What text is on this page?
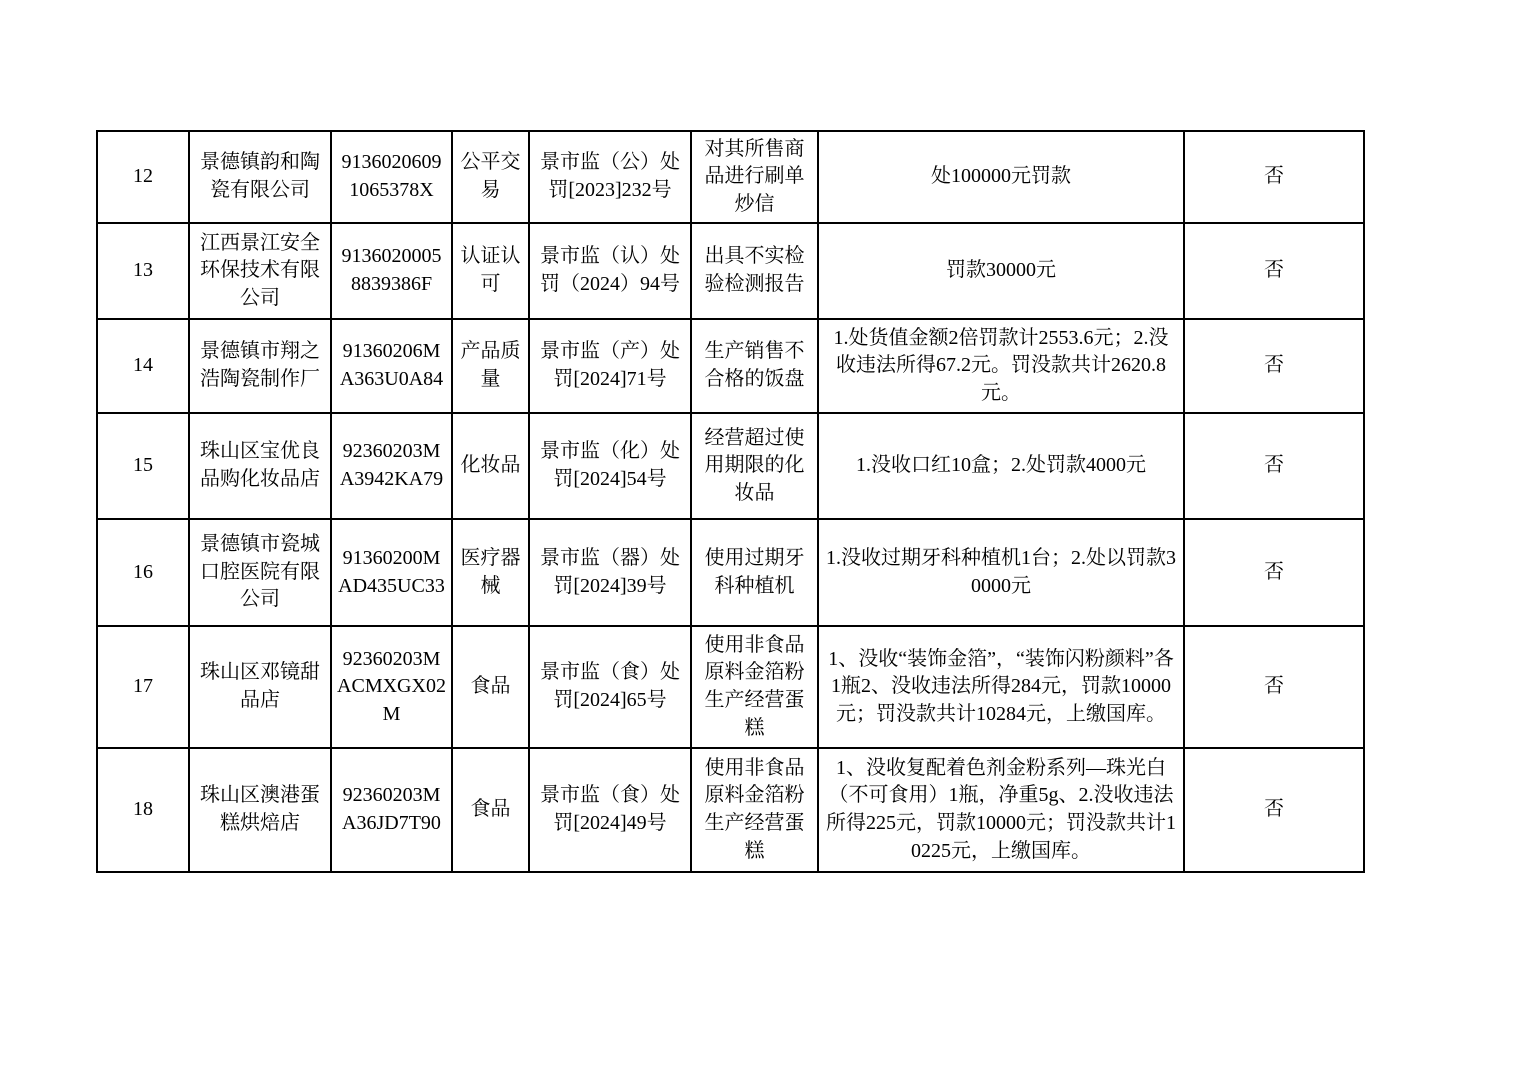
12	景德镇韵和陶瓷有限公司	91360206091065378X	公平交易	景市监（公）处罚[2023]232号	对其所售商品进行刷单炒信	处100000元罚款	否
13	江西景江安全环保技术有限公司	91360200058839386F	认证认可	景市监（认）处罚（2024）94号	出具不实检验检测报告	罚款30000元	否
14	景德镇市翔之浩陶瓷制作厂	91360206MA363U0A84	产品质量	景市监（产）处罚[2024]71号	生产销售不合格的饭盘	1.处货值金额2倍罚款计2553.6元；2.没收违法所得67.2元。罚没款共计2620.8元。	否
15	珠山区宝优良品购化妆品店	92360203MA3942KA79	化妆品	景市监（化）处罚[2024]54号	经营超过使用期限的化妆品	1.没收口红10盒；2.处罚款4000元	否
16	景德镇市瓷城口腔医院有限公司	91360200MAD435UC33	医疗器械	景市监（器）处罚[2024]39号	使用过期牙科种植机	1.没收过期牙科种植机1台；2.处以罚款30000元	否
17	珠山区邓镜甜品店	92360203MACMXGX02M	食品	景市监（食）处罚[2024]65号	使用非食品原料金箔粉生产经营蛋糕	1、没收“装饰金箔”，“装饰闪粉颜料”各1瓶2、没收违法所得284元，罚款10000元；罚没款共计10284元，上缴国库。	否
18	珠山区澳港蛋糕烘焙店	92360203MA36JD7T90	食品	景市监（食）处罚[2024]49号	使用非食品原料金箔粉生产经营蛋糕	1、没收复配着色剂金粉系列—珠光白（不可食用）1瓶，净重5g、2.没收违法所得225元，罚款10000元；罚没款共计10225元，上缴国库。	否
